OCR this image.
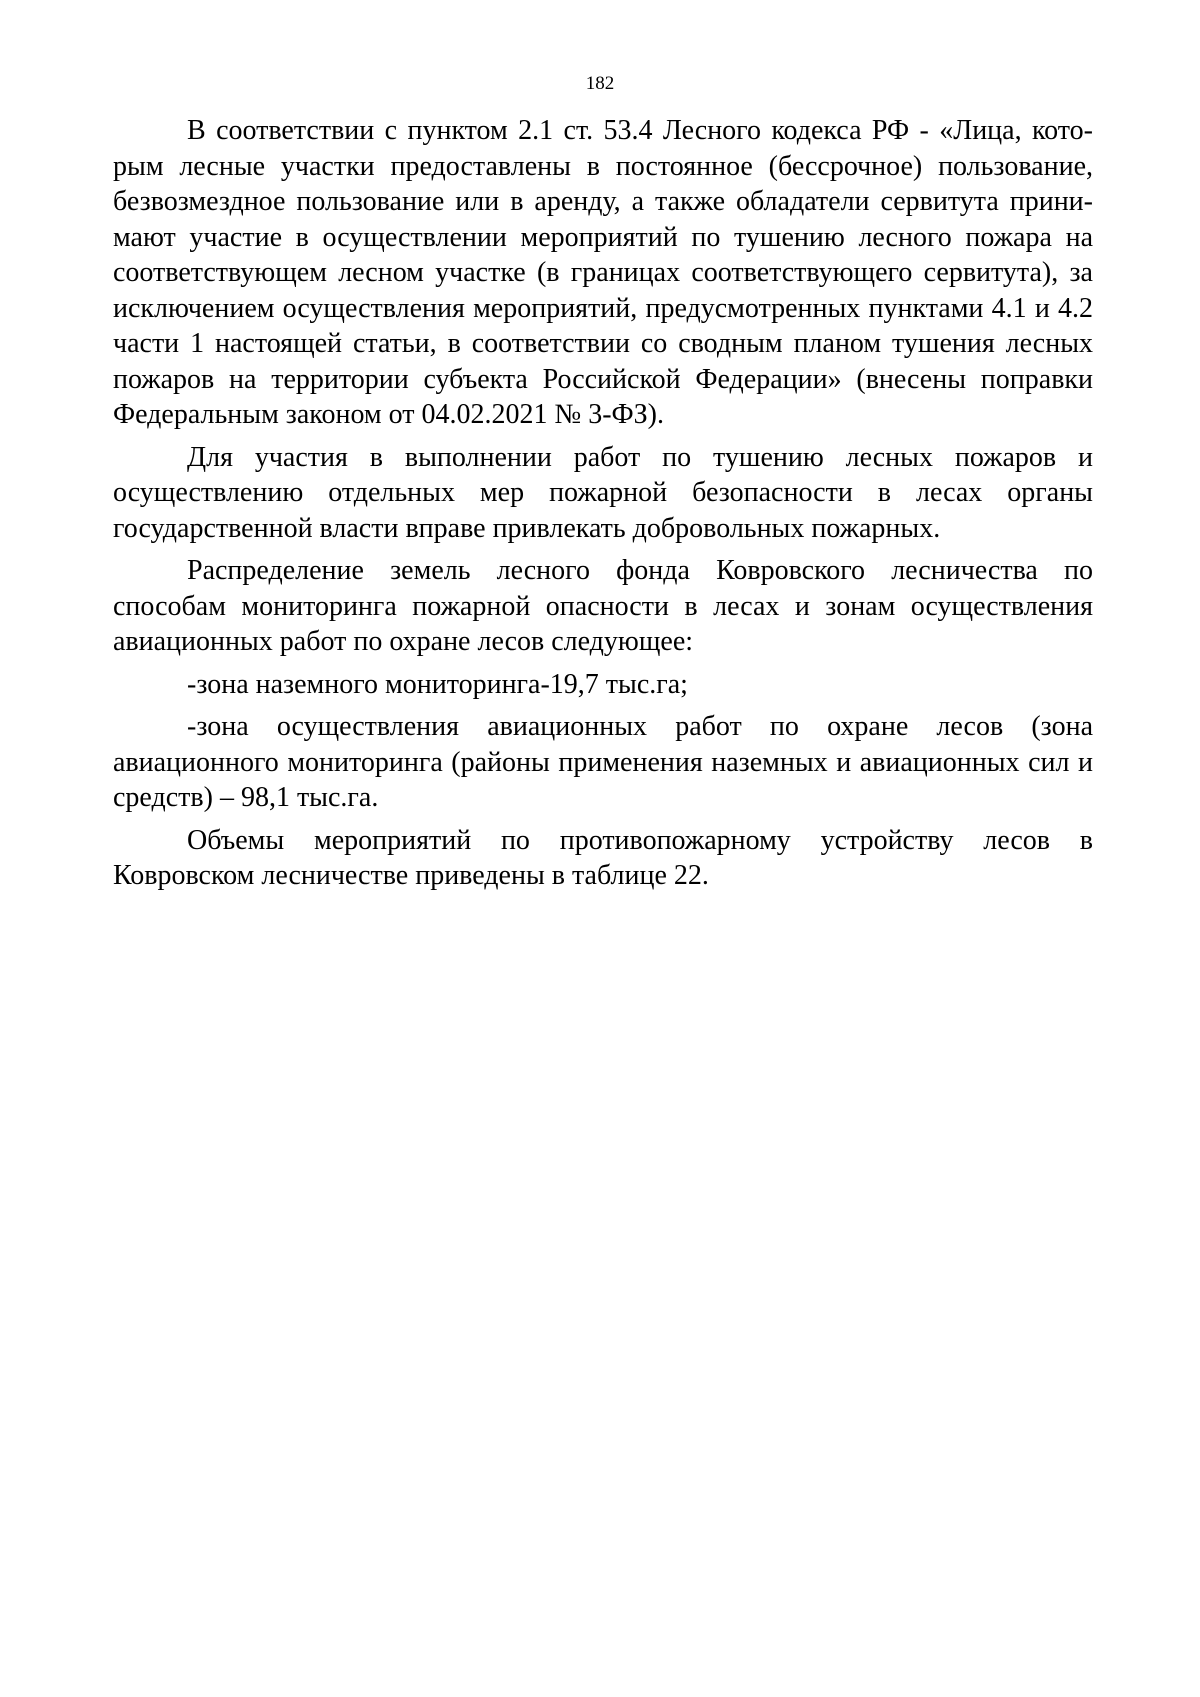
182

В соответствии с пунктом 2.1 ст. 53.4 Лесного кодекса РФ - «Лица, которым лесные участки предоставлены в постоянное (бессрочное) пользование, безвозмездное пользование или в аренду, а также обладатели сервитута принимают участие в осуществлении мероприятий по тушению лесного пожара на соответствующем лесном участке (в границах соответствующего сервитута), за исключением осуществления мероприятий, предусмотренных пунктами 4.1 и 4.2 части 1 настоящей статьи, в соответствии со сводным планом тушения лесных пожаров на территории субъекта Российской Федерации» (внесены поправки Федеральным законом от 04.02.2021 № 3-ФЗ).

Для участия в выполнении работ по тушению лесных пожаров и осуществлению отдельных мер пожарной безопасности в лесах органы государственной власти вправе привлекать добровольных пожарных.

Распределение земель лесного фонда Ковровского лесничества по способам мониторинга пожарной опасности в лесах и зонам осуществления авиационных работ по охране лесов следующее:

-зона наземного мониторинга-19,7 тыс.га;

-зона осуществления авиационных работ по охране лесов (зона авиационного мониторинга (районы применения наземных и авиационных сил и средств) – 98,1 тыс.га.

Объемы мероприятий по противопожарному устройству лесов в Ковровском лесничестве приведены в таблице 22.
